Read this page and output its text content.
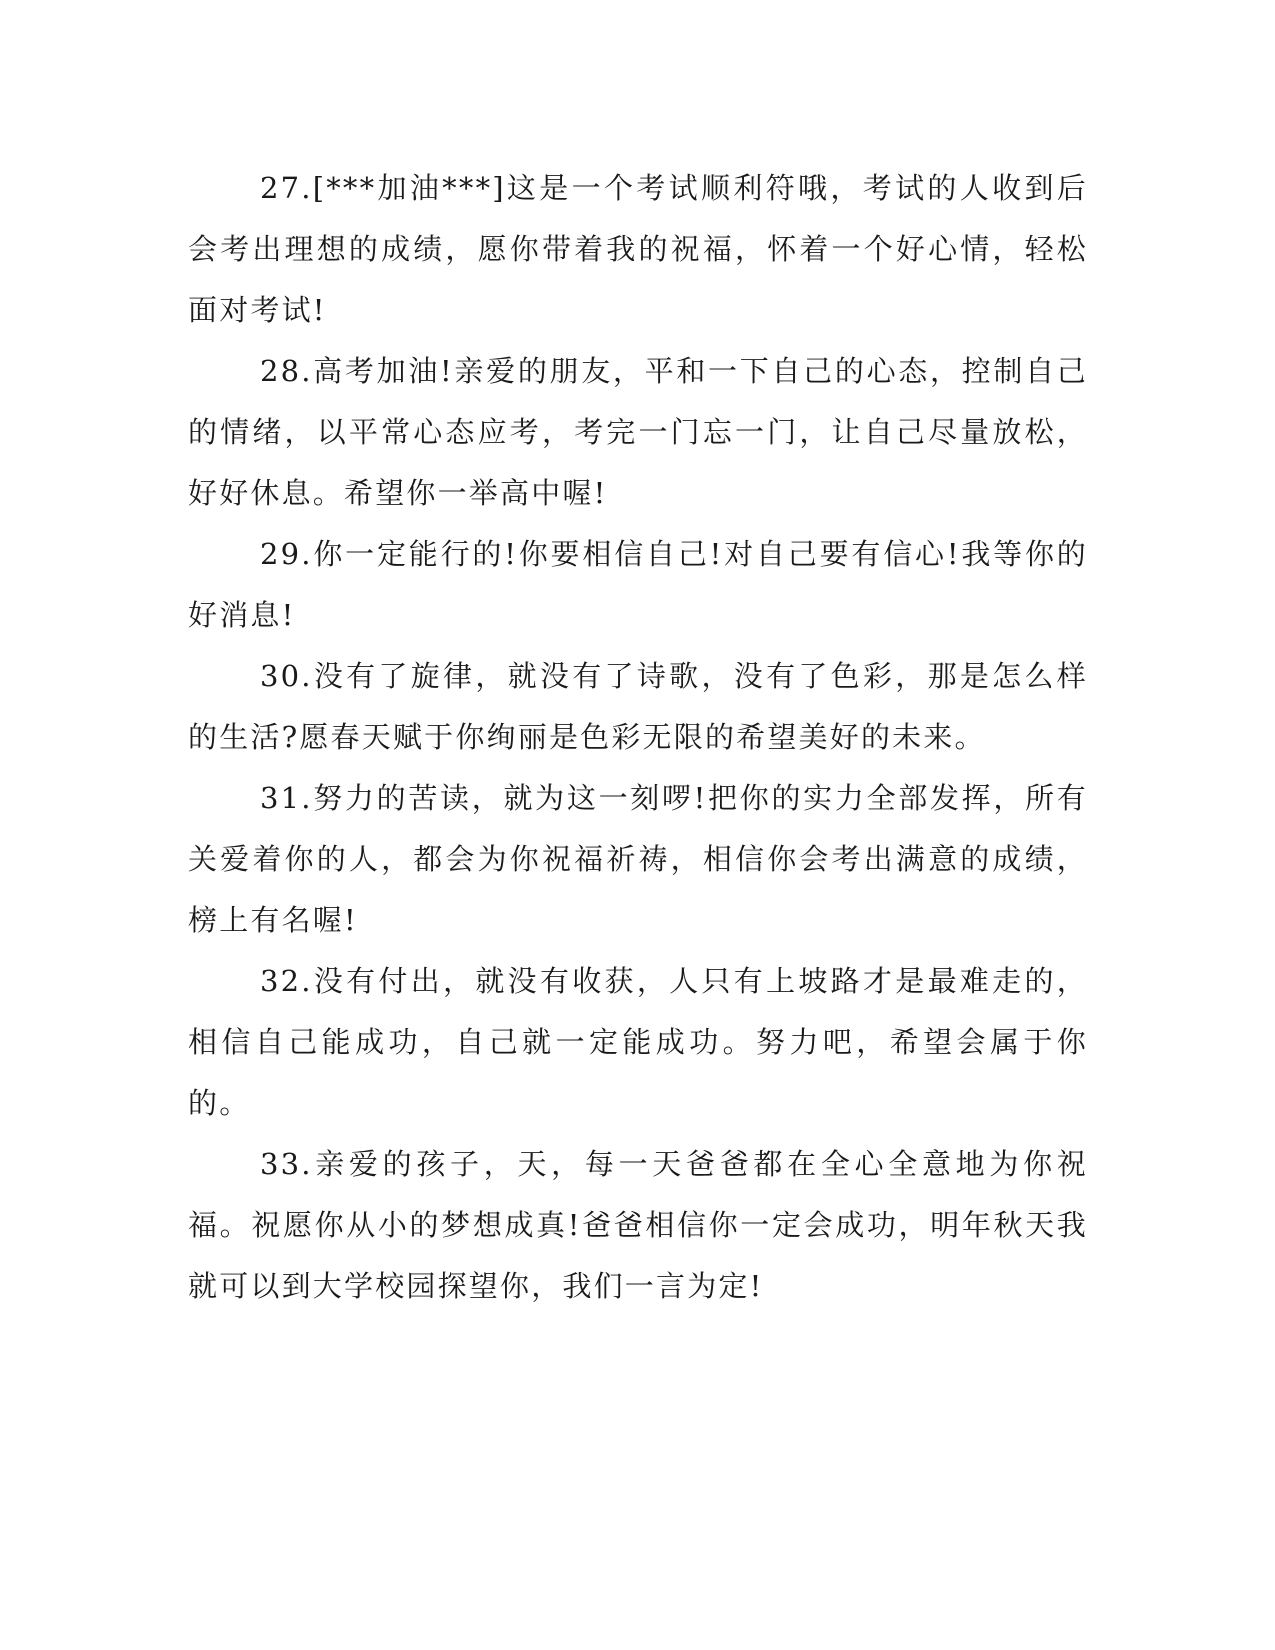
27.[***加油***]这是一个考试顺利符哦，考试的人收到后会考出理想的成绩，愿你带着我的祝福，怀着一个好心情，轻松面对考试!

28.高考加油!亲爱的朋友，平和一下自己的心态，控制自己的情绪，以平常心态应考，考完一门忘一门，让自己尽量放松，好好休息。希望你一举高中喔!

29.你一定能行的!你要相信自己!对自己要有信心!我等你的好消息!

30.没有了旋律，就没有了诗歌，没有了色彩，那是怎么样的生活?愿春天赋于你绚丽是色彩无限的希望美好的未来。

31.努力的苦读，就为这一刻啰!把你的实力全部发挥，所有关爱着你的人，都会为你祝福祈祷，相信你会考出满意的成绩，榜上有名喔!

32.没有付出，就没有收获，人只有上坡路才是最难走的，相信自己能成功，自己就一定能成功。努力吧，希望会属于你的。

33.亲爱的孩子，天，每一天爸爸都在全心全意地为你祝福。祝愿你从小的梦想成真!爸爸相信你一定会成功，明年秋天我就可以到大学校园探望你，我们一言为定!
